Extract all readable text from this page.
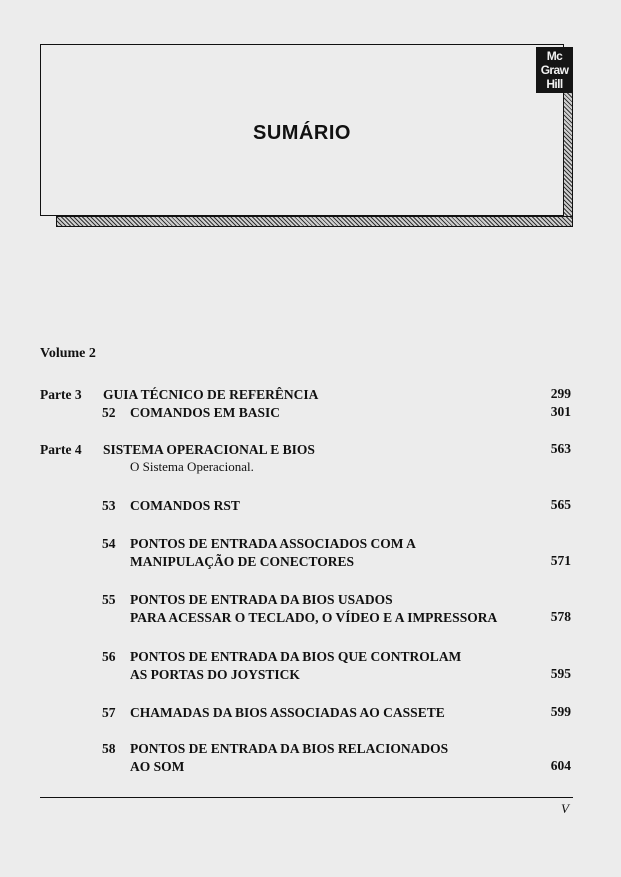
Mc
Graw
Hill
SUMÁRIO
Volume 2
Parte 3 GUIA TÉCNICO DE REFERÊNCIA	299
52 COMANDOS EM BASIC	301
Parte 4 SISTEMA OPERACIONAL E BIOS	563
O Sistema Operacional.
53 COMANDOS RST	565
54 PONTOS DE ENTRADA ASSOCIADOS COM A
MANIPULAÇÃO DE CONECTORES	571
55 PONTOS DE ENTRADA DA BIOS USADOS
PARA ACESSAR O TECLADO, O VÍDEO E A IMPRESSORA	578
56 PONTOS DE ENTRADA DA BIOS QUE CONTROLAM
AS PORTAS DO JOYSTICK	595
57 CHAMADAS DA BIOS ASSOCIADAS AO CASSETE	599
58 PONTOS DE ENTRADA DA BIOS RELACIONADOS
AO SOM	604
V
